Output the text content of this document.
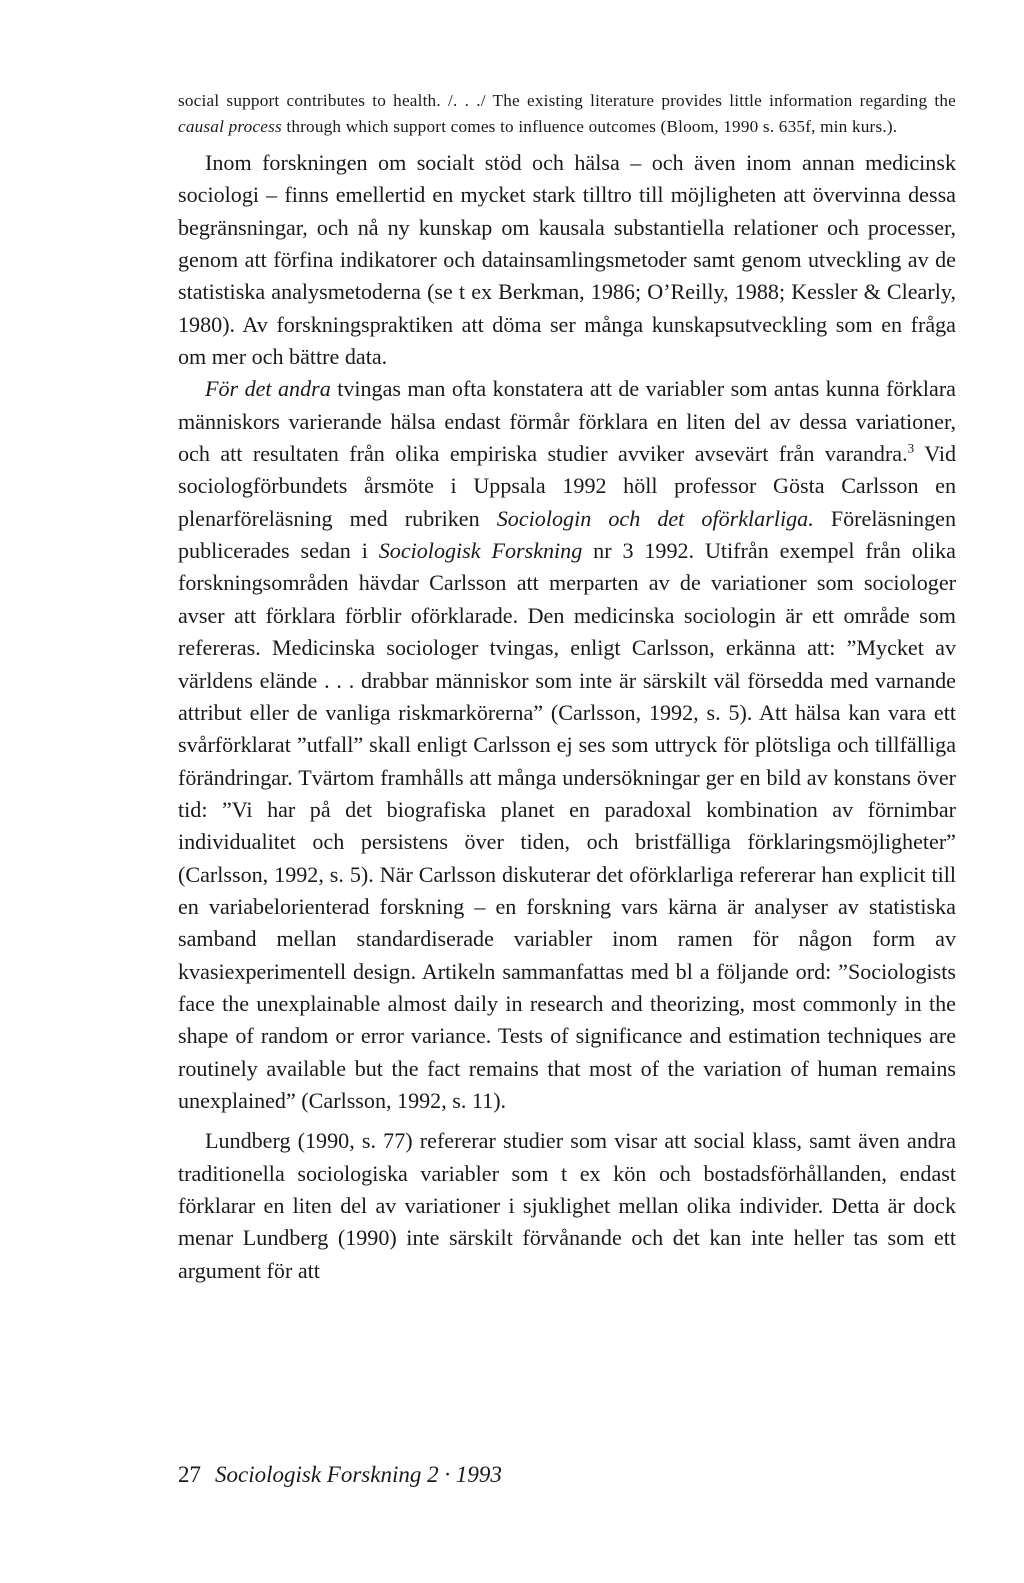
social support contributes to health. /. . ./ The existing literature provides little information regarding the causal process through which support comes to influence outcomes (Bloom, 1990 s. 635f, min kurs.).

Inom forskningen om socialt stöd och hälsa – och även inom annan medicinsk sociologi – finns emellertid en mycket stark tilltro till möjligheten att övervinna dessa begränsningar, och nå ny kunskap om kausala substantiella relationer och processer, genom att förfina indikatorer och datainsamlingsmetoder samt genom utveckling av de statistiska analysmetoderna (se t ex Berkman, 1986; O’Reilly, 1988; Kessler & Clearly, 1980). Av forskningspraktiken att döma ser många kunskapsutveckling som en fråga om mer och bättre data.

För det andra tvingas man ofta konstatera att de variabler som antas kunna förklara människors varierande hälsa endast förmår förklara en liten del av dessa variationer, och att resultaten från olika empiriska studier avviker avsevärt från varandra.$^3$ Vid sociologförbundets årsmöte i Uppsala 1992 höll professor Gösta Carlsson en plenarföreläsning med rubriken Sociologin och det oförklarliga. Föreläsningen publicerades sedan i Sociologisk Forskning nr 3 1992. Utifrån exempel från olika forskningsområden hävdar Carlsson att merparten av de variationer som sociologer avser att förklara förblir oförklarade. Den medicinska sociologin är ett område som refereras. Medicinska sociologer tvingas, enligt Carlsson, erkänna att: ”Mycket av världens elände . . . drabbar människor som inte är särskilt väl försedda med varnande attribut eller de vanliga riskmarkörerna” (Carlsson, 1992, s. 5). Att hälsa kan vara ett svårförklarat ”utfall” skall enligt Carlsson ej ses som uttryck för plötsliga och tillfälliga förändringar. Tvärtom framhålls att många undersökningar ger en bild av konstans över tid: ”Vi har på det biografiska planet en paradoxal kombination av förnimbar individualitet och persistens över tiden, och bristfälliga förklaringsmöjligheter” (Carlsson, 1992, s. 5). När Carlsson diskuterar det oförklarliga refererar han explicit till en variabelorienterad forskning – en forskning vars kärna är analyser av statistiska samband mellan standardiserade variabler inom ramen för någon form av kvasiexperimentell design. Artikeln sammanfattas med bl a följande ord: ”Sociologists face the unexplainable almost daily in research and theorizing, most commonly in the shape of random or error variance. Tests of significance and estimation techniques are routinely available but the fact remains that most of the variation of human remains unexplained” (Carlsson, 1992, s. 11).

Lundberg (1990, s. 77) refererar studier som visar att social klass, samt även andra traditionella sociologiska variabler som t ex kön och bostadsförhållanden, endast förklarar en liten del av variationer i sjuklighet mellan olika individer. Detta är dock menar Lundberg (1990) inte särskilt förvånande och det kan inte heller tas som ett argument för att

27 Sociologisk Forskning 2 · 1993
